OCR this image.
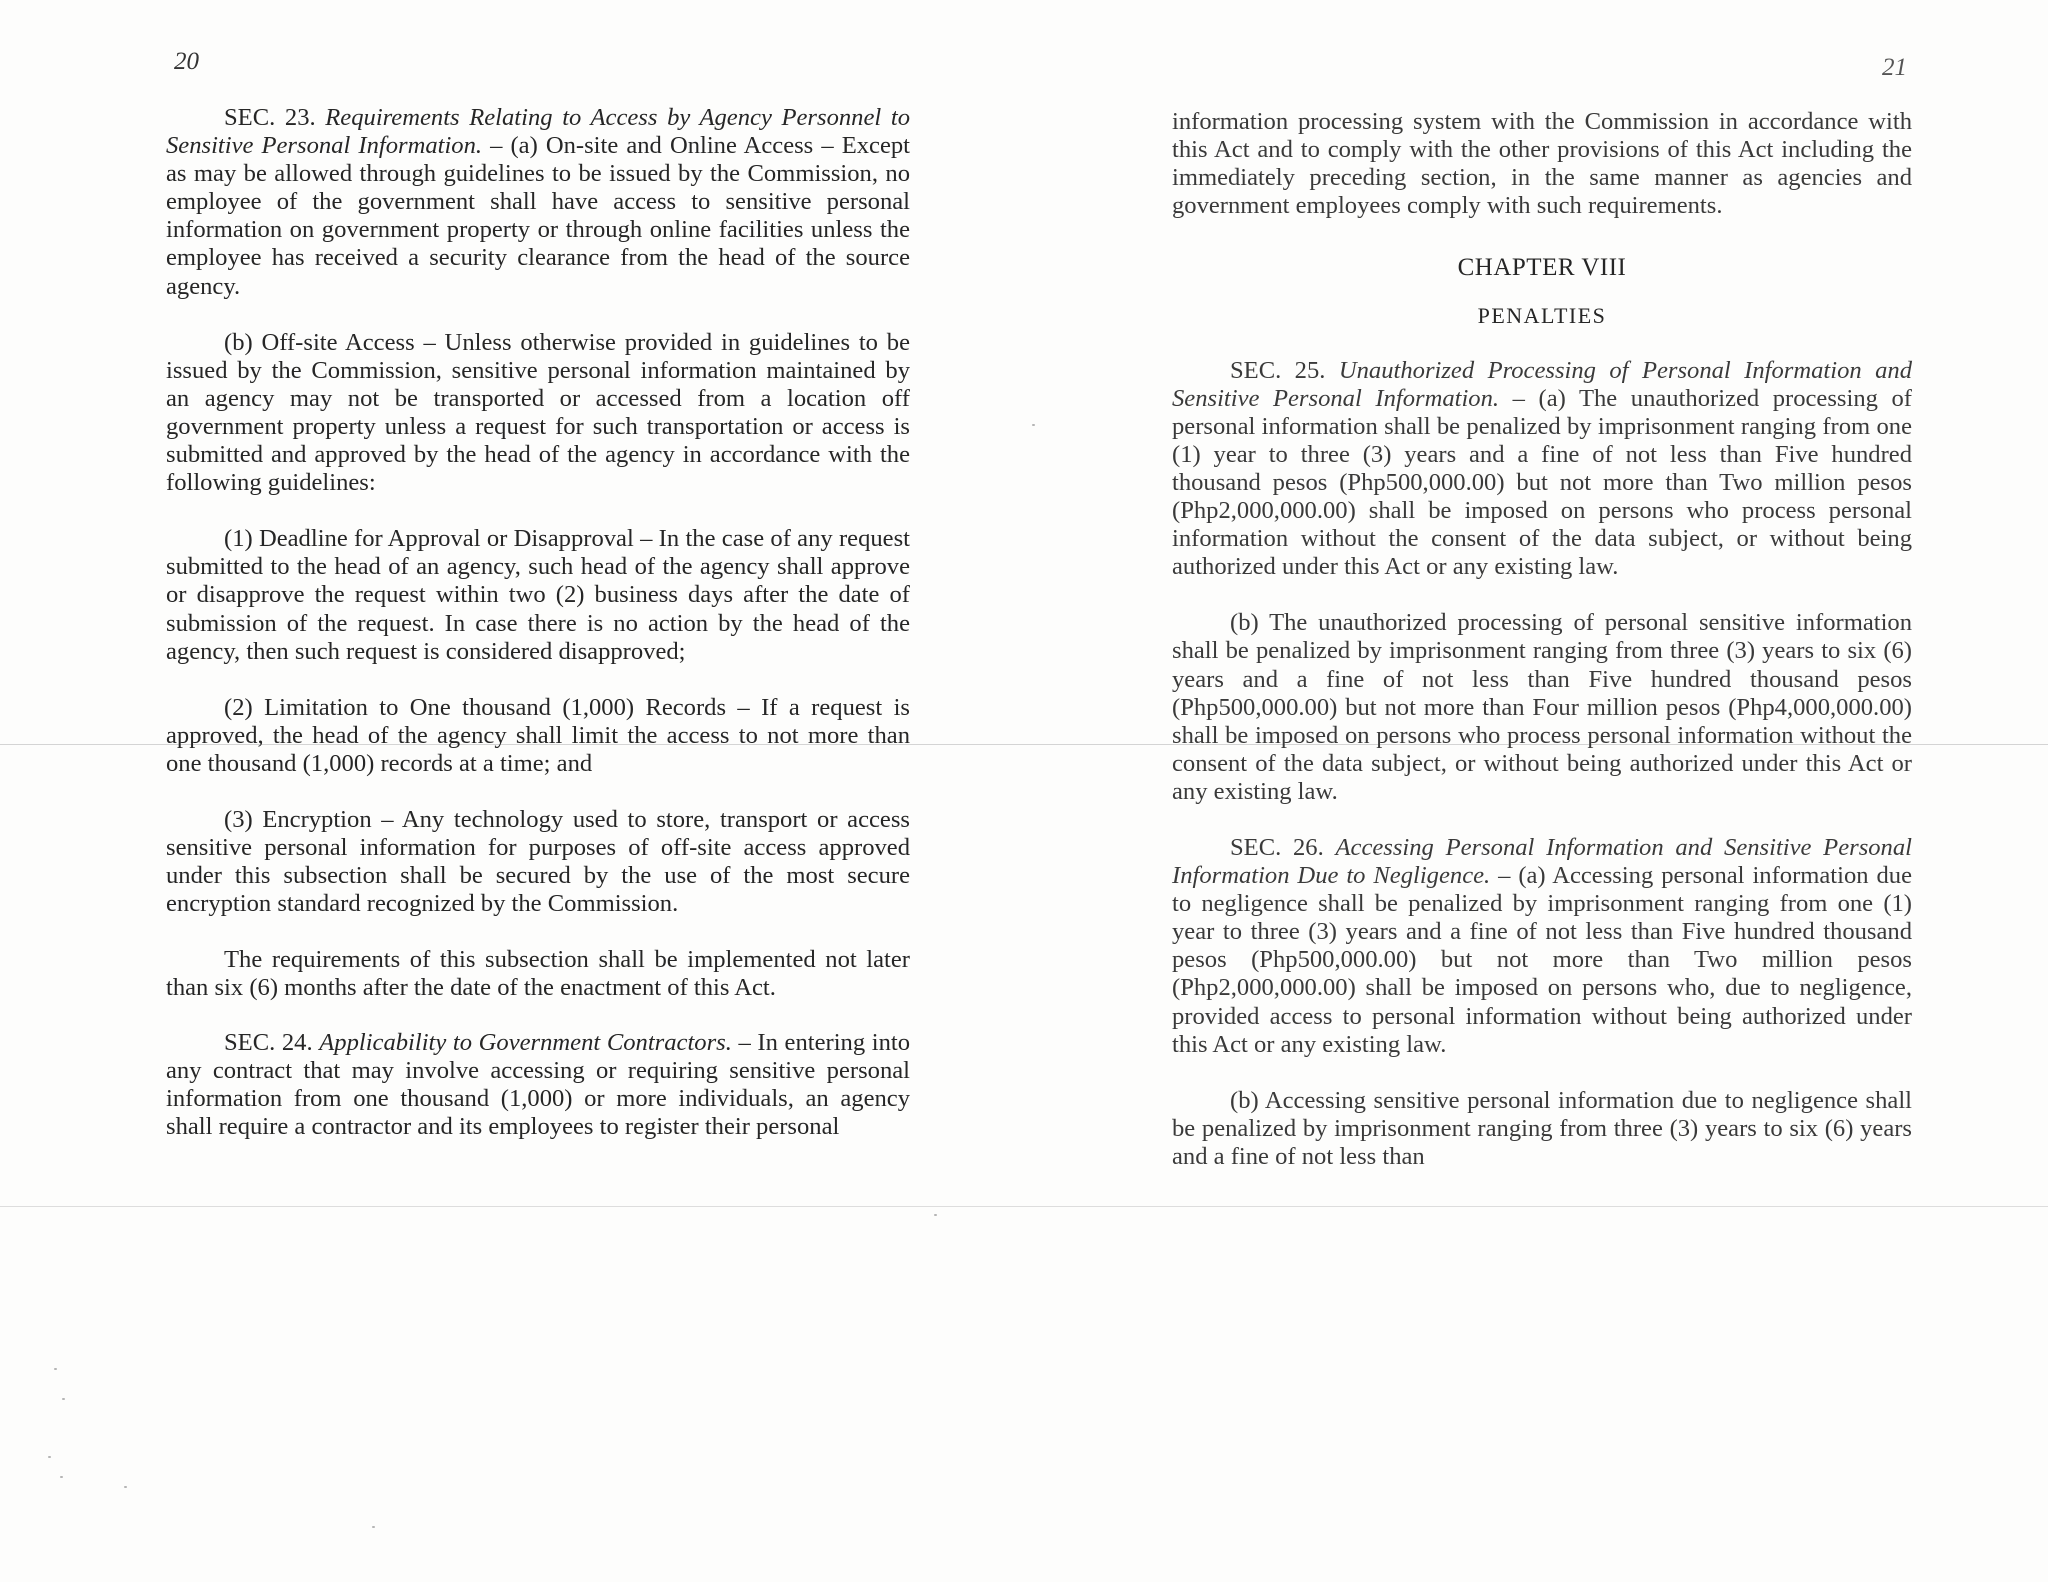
20

SEC. 23. Requirements Relating to Access by Agency Personnel to Sensitive Personal Information. – (a) On-site and Online Access – Except as may be allowed through guidelines to be issued by the Commission, no employee of the government shall have access to sensitive personal information on government property or through online facilities unless the employee has received a security clearance from the head of the source agency.

(b) Off-site Access – Unless otherwise provided in guidelines to be issued by the Commission, sensitive personal information maintained by an agency may not be transported or accessed from a location off government property unless a request for such transportation or access is submitted and approved by the head of the agency in accordance with the following guidelines:

(1) Deadline for Approval or Disapproval – In the case of any request submitted to the head of an agency, such head of the agency shall approve or disapprove the request within two (2) business days after the date of submission of the request. In case there is no action by the head of the agency, then such request is considered disapproved;

(2) Limitation to One thousand (1,000) Records – If a request is approved, the head of the agency shall limit the access to not more than one thousand (1,000) records at a time; and

(3) Encryption – Any technology used to store, transport or access sensitive personal information for purposes of off-site access approved under this subsection shall be secured by the use of the most secure encryption standard recognized by the Commission.

The requirements of this subsection shall be implemented not later than six (6) months after the date of the enactment of this Act.

SEC. 24. Applicability to Government Contractors. – In entering into any contract that may involve accessing or requiring sensitive personal information from one thousand (1,000) or more individuals, an agency shall require a contractor and its employees to register their personal

21

information processing system with the Commission in accordance with this Act and to comply with the other provisions of this Act including the immediately preceding section, in the same manner as agencies and government employees comply with such requirements.

CHAPTER VIII

PENALTIES

SEC. 25. Unauthorized Processing of Personal Information and Sensitive Personal Information. – (a) The unauthorized processing of personal information shall be penalized by imprisonment ranging from one (1) year to three (3) years and a fine of not less than Five hundred thousand pesos (Php500,000.00) but not more than Two million pesos (Php2,000,000.00) shall be imposed on persons who process personal information without the consent of the data subject, or without being authorized under this Act or any existing law.

(b) The unauthorized processing of personal sensitive information shall be penalized by imprisonment ranging from three (3) years to six (6) years and a fine of not less than Five hundred thousand pesos (Php500,000.00) but not more than Four million pesos (Php4,000,000.00) shall be imposed on persons who process personal information without the consent of the data subject, or without being authorized under this Act or any existing law.

SEC. 26. Accessing Personal Information and Sensitive Personal Information Due to Negligence. – (a) Accessing personal information due to negligence shall be penalized by imprisonment ranging from one (1) year to three (3) years and a fine of not less than Five hundred thousand pesos (Php500,000.00) but not more than Two million pesos (Php2,000,000.00) shall be imposed on persons who, due to negligence, provided access to personal information without being authorized under this Act or any existing law.

(b) Accessing sensitive personal information due to negligence shall be penalized by imprisonment ranging from three (3) years to six (6) years and a fine of not less than
